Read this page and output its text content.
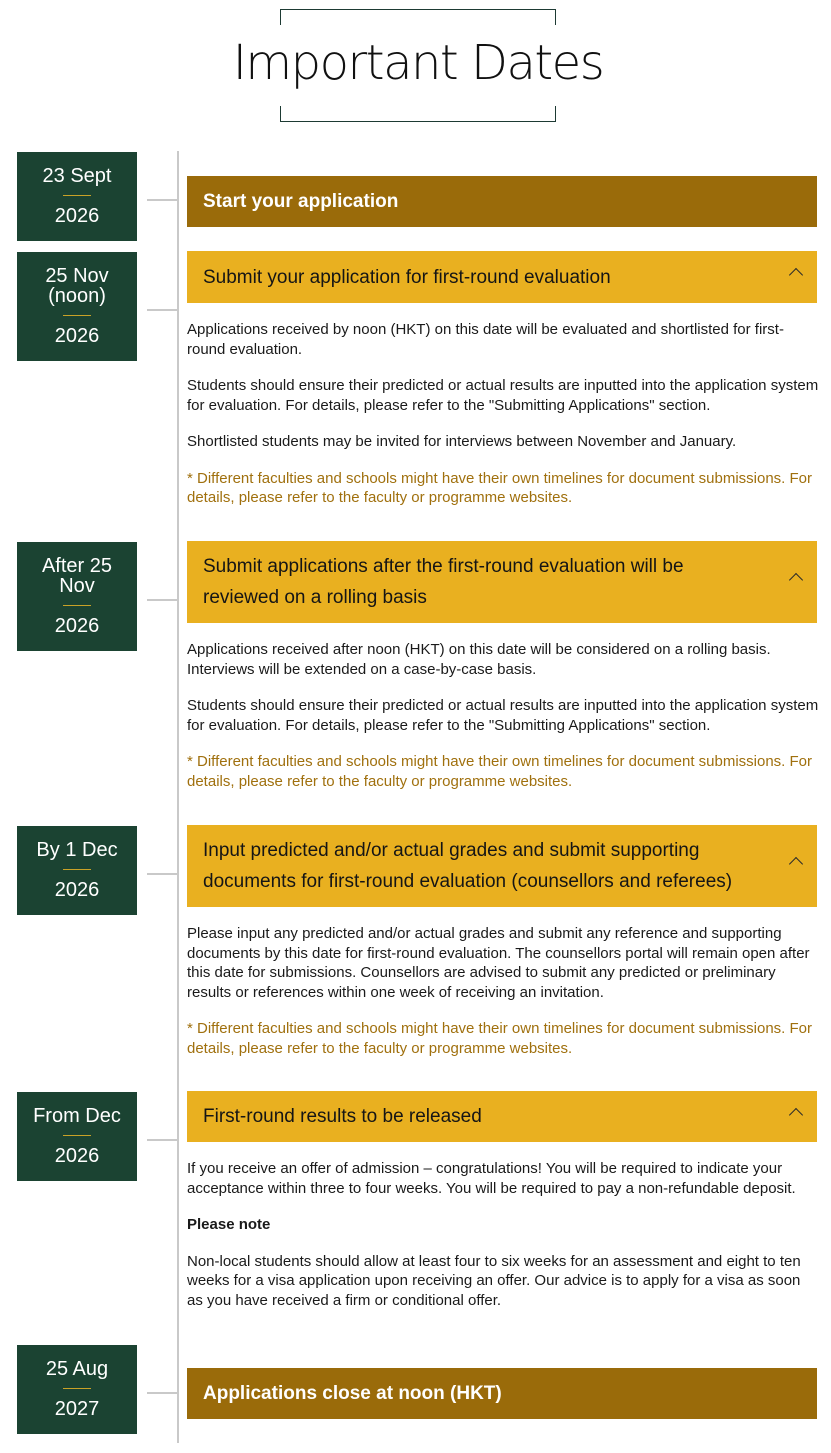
Important Dates
23 Sept
2026
Start your application
25 Nov (noon)
2026
Submit your application for first-round evaluation

Applications received by noon (HKT) on this date will be evaluated and shortlisted for first-round evaluation.

Students should ensure their predicted or actual results are inputted into the application system for evaluation. For details, please refer to the "Submitting Applications" section.

Shortlisted students may be invited for interviews between November and January.

* Different faculties and schools might have their own timelines for document submissions. For details, please refer to the faculty or programme websites.

After 25 Nov
2026
Submit applications after the first-round evaluation will be reviewed on a rolling basis

Applications received after noon (HKT) on this date will be considered on a rolling basis. Interviews will be extended on a case-by-case basis.

Students should ensure their predicted or actual results are inputted into the application system for evaluation. For details, please refer to the "Submitting Applications" section.

* Different faculties and schools might have their own timelines for document submissions. For details, please refer to the faculty or programme websites.

By 1 Dec
2026
Input predicted and/or actual grades and submit supporting documents for first-round evaluation (counsellors and referees)

Please input any predicted and/or actual grades and submit any reference and supporting documents by this date for first-round evaluation. The counsellors portal will remain open after this date for submissions. Counsellors are advised to submit any predicted or preliminary results or references within one week of receiving an invitation.

* Different faculties and schools might have their own timelines for document submissions. For details, please refer to the faculty or programme websites.

From Dec
2026
First-round results to be released

If you receive an offer of admission – congratulations! You will be required to indicate your acceptance within three to four weeks. You will be required to pay a non-refundable deposit.

Please note

Non-local students should allow at least four to six weeks for an assessment and eight to ten weeks for a visa application upon receiving an offer. Our advice is to apply for a visa as soon as you have received a firm or conditional offer.

25 Aug
2027
Applications close at noon (HKT)
